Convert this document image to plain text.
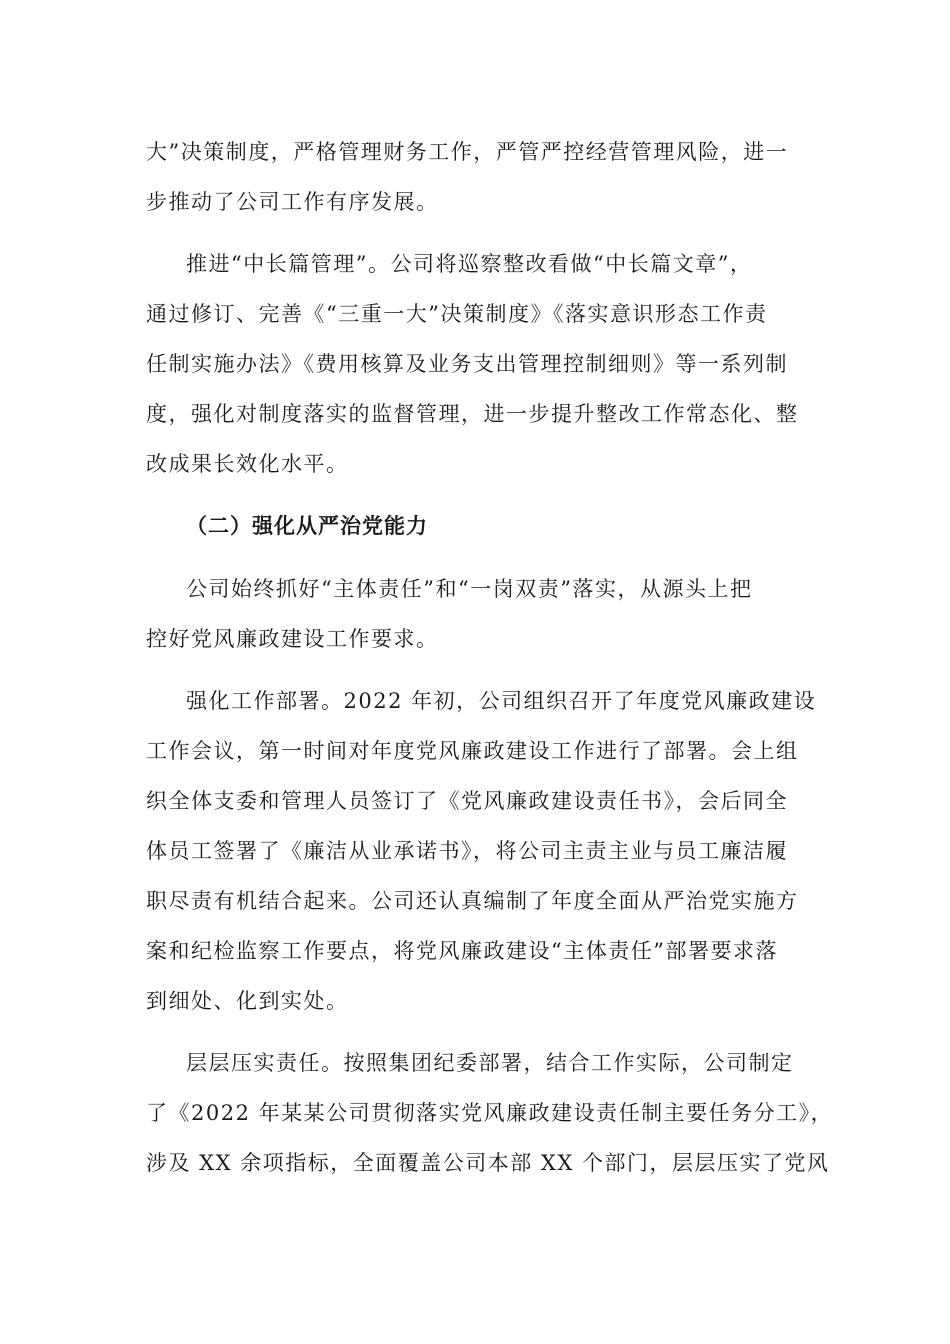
大”决策制度，严格管理财务工作，严管严控经营管理风险，进一
步推动了公司工作有序发展。
推进“中长篇管理”。公司将巡察整改看做“中长篇文章”，
通过修订、完善《“三重一大”决策制度》《落实意识形态工作责
任制实施办法》《费用核算及业务支出管理控制细则》等一系列制
度，强化对制度落实的监督管理，进一步提升整改工作常态化、整
改成果长效化水平。
（二）强化从严治党能力
公司始终抓好“主体责任”和“一岗双责”落实，从源头上把
控好党风廉政建设工作要求。
强化工作部署。2022 年初，公司组织召开了年度党风廉政建设
工作会议，第一时间对年度党风廉政建设工作进行了部署。会上组
织全体支委和管理人员签订了《党风廉政建设责任书》，会后同全
体员工签署了《廉洁从业承诺书》，将公司主责主业与员工廉洁履
职尽责有机结合起来。公司还认真编制了年度全面从严治党实施方
案和纪检监察工作要点，将党风廉政建设“主体责任”部署要求落
到细处、化到实处。
层层压实责任。按照集团纪委部署，结合工作实际，公司制定
了《2022 年某某公司贯彻落实党风廉政建设责任制主要任务分工》，
涉及 XX 余项指标，全面覆盖公司本部 XX 个部门，层层压实了党风
